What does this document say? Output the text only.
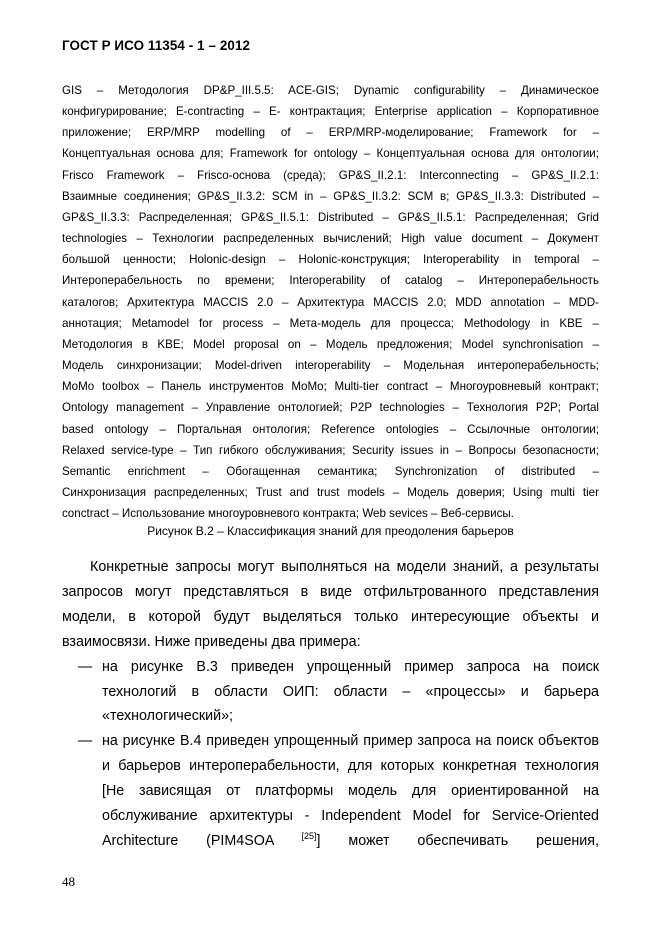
ГОСТ Р ИСО 11354 - 1 – 2012
GIS – Методология DP&P_III.5.5: ACE-GIS; Dynamic configurability – Динамическое
конфигурирование; E-contracting – E- контрактация; Enterprise application – Корпоративное
приложение; ERP/MRP modelling of – ERP/MRP-моделирование; Framework for –
Концептуальная основа для; Framework for ontology – Концептуальная основа для онтологии;
Frisco Framework – Frisco-основа (среда); GP&S_II.2.1: Interconnecting – GP&S_II.2.1:
Взаимные соединения; GP&S_II.3.2: SCM in – GP&S_II.3.2: SCM в; GP&S_II.3.3: Distributed –
GP&S_II.3.3: Распределенная; GP&S_II.5.1: Distributed – GP&S_II.5.1: Распределенная; Grid
technologies – Технологии распределенных вычислений; High value document – Документ
большой ценности; Holonic-design – Holonic-конструкция; Interoperability in temporal –
Интероперабельность по времени; Interoperability of catalog – Интероперабельность
каталогов; Архитектура MACCIS 2.0 – Архитектура MACCIS 2.0; MDD annotation – MDD-
аннотация; Metamodel for process – Мета-модель для процесса; Methodology in KBE –
Методология в KBE; Model proposal on – Модель предложения; Model synchronisation –
Модель синхронизации; Model-driven interoperability – Модельная интероперабельность;
MoMo toolbox – Панель инструментов MoMo; Multi-tier contract – Многоуровневый контракт;
Ontology management – Управление онтологией; P2P technologies – Технология P2P; Portal
based ontology – Портальная онтология; Reference ontologies – Ссылочные онтологии;
Relaxed service-type – Тип гибкого обслуживания; Security issues in – Вопросы безопасности;
Semantic enrichment – Обогащенная семантика; Synchronization of distributed –
Синхронизация распределенных; Trust and trust models – Модель доверия; Using multi tier
conctract – Использование многоуровневого контракта; Web sevices – Веб-сервисы.
Рисунок В.2 – Классификация знаний для преодоления барьеров
Конкретные запросы могут выполняться на модели знаний, а результаты
запросов могут представляться в виде отфильтрованного представления
модели, в которой будут выделяться только интересующие объекты и
взаимосвязи. Ниже приведены два примера:
— на рисунке В.3 приведен упрощенный пример запроса на поиск
технологий в области ОИП: области – «процессы» и барьера
«технологический»;
— на рисунке В.4 приведен упрощенный пример запроса на поиск объектов
и барьеров интероперабельности, для которых конкретная технология
[Не зависящая от платформы модель для ориентированной на
обслуживание архитектуры - Independent Model for Service-Oriented
Architecture (PIM4SOA	[25]] может обеспечивать решения,
48
